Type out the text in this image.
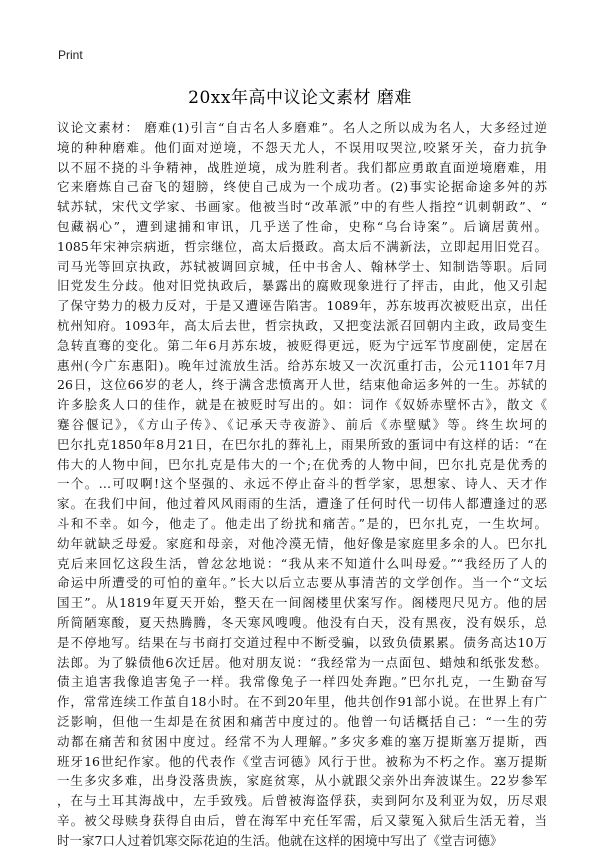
Print
20xx年高中议论文素材 磨难
议论文素材： 磨难(1)引言“自古名人多磨难”。名人之所以成为名人，大多经过逆
境的种种磨难。他们面对逆境，不怨天尤人，不误用叹哭泣,咬紧牙关，奋力抗争
以不屈不挠的斗争精神，战胜逆境，成为胜利者。我们都应勇敢直面逆境磨难，用
它来磨炼自己奋飞的翅膀，终使自己成为一个成功者。(2)事实论据命途多舛的苏
轼苏轼，宋代文学家、书画家。他被当时“改革派”中的有些人指控“讥刺朝政”、“
包藏祸心”，遭到逮捕和审讯，几乎送了性命，史称“乌台诗案”。后谪居黄州。
1085年宋神宗病逝，哲宗继位，高太后摄政。高太后不满新法，立即起用旧党召。
司马光等回京执政，苏轼被调回京城，任中书舍人、翰林学士、知制诰等职。后同
旧党发生分歧。他对旧党执政后，暴露出的腐败现象进行了抨击，由此，他又引起
了保守势力的极力反对，于是又遭诬告陷害。1089年，苏东坡再次被贬出京，出任
杭州知府。1093年，高太后去世，哲宗执政，又把变法派召回朝内主政，政局变生
急转直骞的变化。第二年6月苏东坡，被贬得更远，贬为宁远军节度副使，定居在
惠州(今广东惠阳)。晚年过流放生活。给苏东坡又一次沉重打击，公元1101年7月
26日，这位66岁的老人，终于满含悲愤离开人世，结束他命运多舛的一生。苏轼的
许多脍炙人口的佳作，就是在被贬时写出的。如：词作《奴娇赤壁怀古》，散文《
蹇谷偃记》，《方山子传》、《记承天寺夜游》、前后《赤壁赋》等。终生坎坷的
巴尔扎克1850年8月21日，在巴尔扎的葬礼上，雨果所致的蛋词中有这样的话：“在
伟大的人物中间，巴尔扎克是伟大的一个;在优秀的人物中间，巴尔扎克是优秀的
一个。…可叹啊!这个坚强的、永远不停止奋斗的哲学家，思想家、诗人、天才作
家。在我们中间，他过着风风雨雨的生活，遭逢了任何时代一切伟人都遭逢过的恶
斗和不幸。如今，他走了。他走出了纷扰和痛苦。”是的，巴尔扎克，一生坎坷。
幼年就缺乏母爱。家庭和母亲，对他冷漠无情，他好像是家庭里多余的人。巴尔扎
克后来回忆这段生活，曾忿忿地说：“我从来不知道什么叫母爱。”“我经历了人的
命运中所遭受的可怕的童年。”长大以后立志要从事清苦的文学创作。当一个“文坛
国王”。从1819年夏天开始，整天在一间阁楼里伏案写作。阁楼咫尺见方。他的居
所简陋寒酸，夏天热腾腾，冬天寒风嗖嗖。他没有白天，没有黑夜，没有娱乐，总
是不停地写。结果在与书商打交道过程中不断受骗，以致负债累累。债务高达10万
法郎。为了躲债他6次迁居。他对朋友说：“我经常为一点面包、蜡烛和纸张发愁。
债主追害我像追害兔子一样。我常像兔子一样四处奔跑。”巴尔扎克，一生勤奋写
作，常常连续工作茧自18小时。在不到20年里，他共创作91部小说。在世界上有广
泛影响，但他一生却是在贫困和痛苦中度过的。他曾一句话概括自己：“一生的劳
动都在痛苦和贫困中度过。经常不为人理解。”多灾多难的塞万提斯塞万提斯，西
班牙16世纪作家。他的代表作《堂吉诃德》风行于世。被称为不朽之作。塞万提斯
一生多灾多难，出身没落贵族，家庭贫寒，从小就跟父亲外出奔波谋生。22岁参军
，在与土耳其海战中，左手致残。后曾被海盗俘获，卖到阿尔及利亚为奴，历尽艰
辛。被父母赎身获得自由后，曾在海军中充任军需，后又蒙冤入狱后生活无着，当
时一家7口人过着饥寒交际花迫的生活。他就在这样的困境中写出了《堂吉诃德》
